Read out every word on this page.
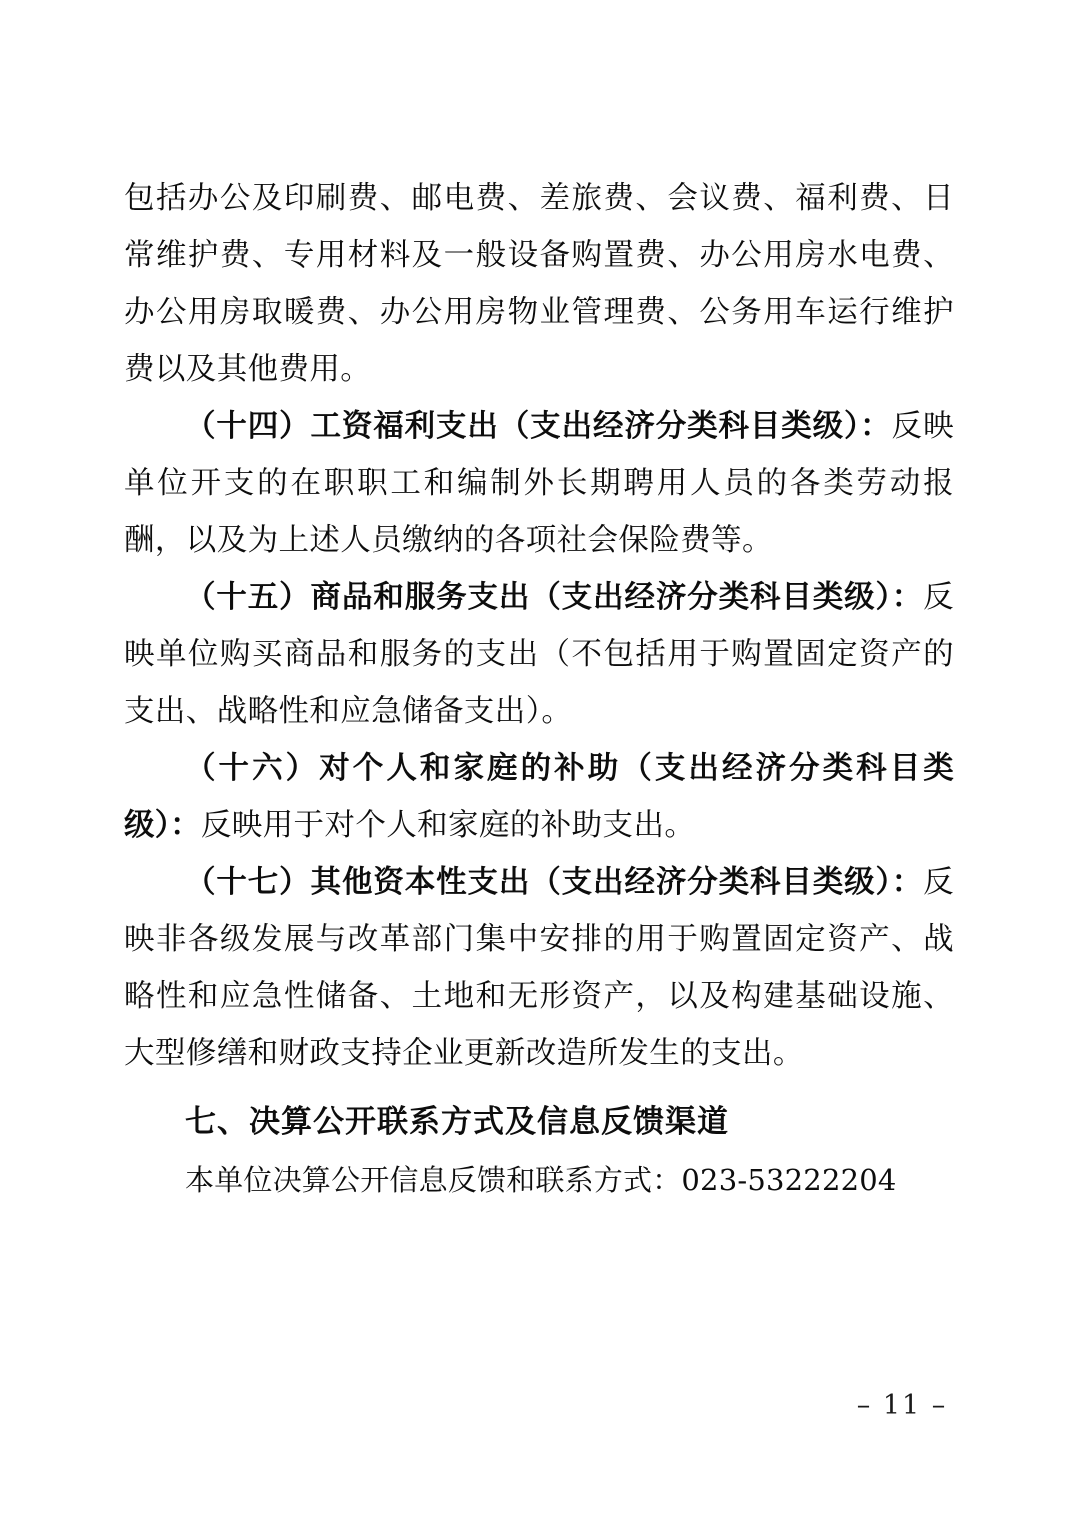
包括办公及印刷费、邮电费、差旅费、会议费、福利费、日常维护费、专用材料及一般设备购置费、办公用房水电费、办公用房取暖费、办公用房物业管理费、公务用车运行维护费以及其他费用。

（十四）工资福利支出（支出经济分类科目类级）：反映单位开支的在职职工和编制外长期聘用人员的各类劳动报酬，以及为上述人员缴纳的各项社会保险费等。

（十五）商品和服务支出（支出经济分类科目类级）：反映单位购买商品和服务的支出（不包括用于购置固定资产的支出、战略性和应急储备支出）。

（十六）对个人和家庭的补助（支出经济分类科目类级）：反映用于对个人和家庭的补助支出。

（十七）其他资本性支出（支出经济分类科目类级）：反映非各级发展与改革部门集中安排的用于购置固定资产、战略性和应急性储备、土地和无形资产，以及构建基础设施、大型修缮和财政支持企业更新改造所发生的支出。

七、决算公开联系方式及信息反馈渠道

本单位决算公开信息反馈和联系方式：023-53222204

– 11 –
